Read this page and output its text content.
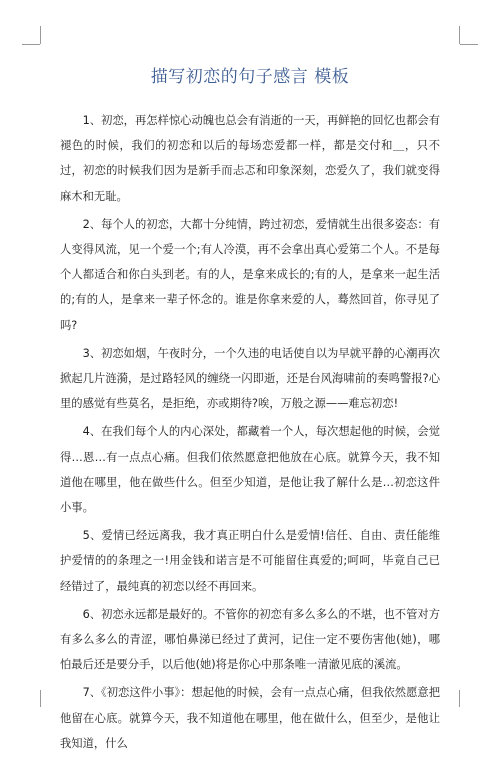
描写初恋的句子感言 模板

1、初恋，再怎样惊心动魄也总会有消逝的一天，再鲜艳的回忆也都会有褪色的时候，我们的初恋和以后的每场恋爱都一样，都是交付和＿，只不过，初恋的时候我们因为是新手而忐忑和印象深刻，恋爱久了，我们就变得麻木和无耻。

2、每个人的初恋，大都十分纯情，跨过初恋，爱情就生出很多姿态：有人变得风流，见一个爱一个;有人冷漠，再不会拿出真心爱第二个人。不是每个人都适合和你白头到老。有的人，是拿来成长的;有的人，是拿来一起生活的;有的人，是拿来一辈子怀念的。谁是你拿来爱的人，蓦然回首，你寻见了吗?

3、初恋如烟，午夜时分，一个久违的电话使自以为早就平静的心潮再次掀起几片涟漪，是过路轻风的缠绕一闪即逝，还是台风海啸前的奏鸣警报?心里的感觉有些莫名，是拒绝，亦或期待?唉，万般之源——难忘初恋!

4、在我们每个人的内心深处，都藏着一个人，每次想起他的时候，会觉得…恩…有一点点心痛。但我们依然愿意把他放在心底。就算今天，我不知道他在哪里，他在做些什么。但至少知道，是他让我了解什么是…初恋这件小事。

5、爱情已经远离我，我才真正明白什么是爱情!信任、自由、责任能维护爱情的的条理之一!用金钱和诺言是不可能留住真爱的;呵呵，毕竟自己已经错过了，最纯真的初恋以经不再回来。

6、初恋永远都是最好的。不管你的初恋有多么多么的不堪，也不管对方有多么多么的青涩，哪怕鼻涕已经过了黄河，记住一定不要伤害他(她)，哪怕最后还是要分手，以后他(她)将是你心中那条唯一清澈见底的溪流。

7、《初恋这件小事》：想起他的时候，会有一点点心痛，但我依然愿意把他留在心底。就算今天，我不知道他在哪里，他在做什么，但至少，是他让我知道，什么
